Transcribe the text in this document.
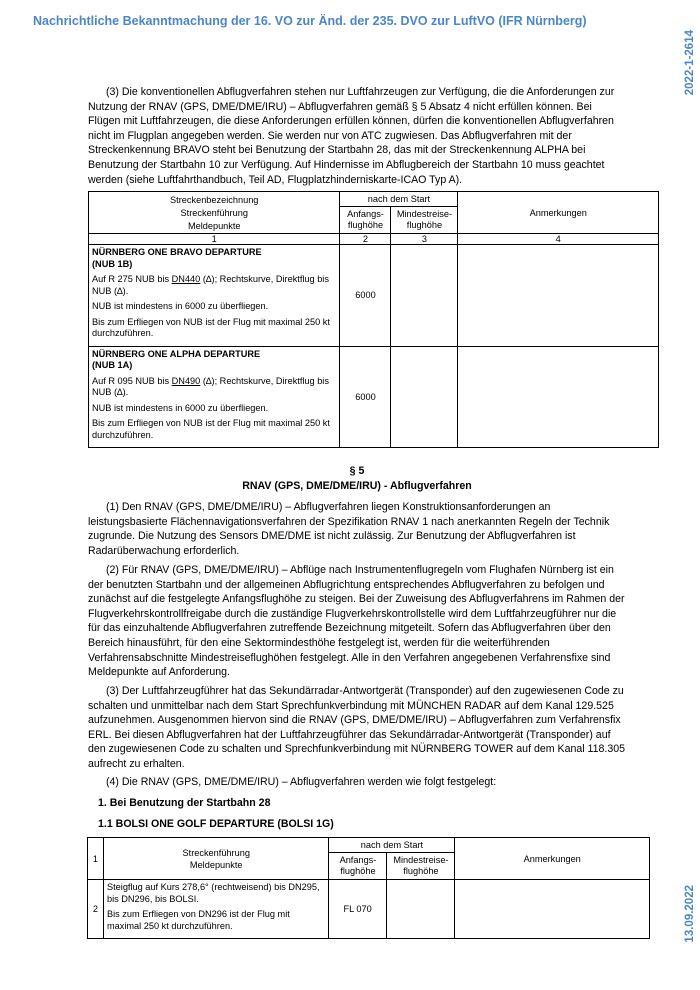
Nachrichtliche Bekanntmachung der 16. VO zur Änd. der 235. DVO zur LuftVO (IFR Nürnberg)
2022-1-2614
13.09.2022
(3) Die konventionellen Abflugverfahren stehen nur Luftfahrzeugen zur Verfügung, die die Anforderungen zur Nutzung der RNAV (GPS, DME/DME/IRU) – Abflugverfahren gemäß § 5 Absatz 4 nicht erfüllen können. Bei Flügen mit Luftfahrzeugen, die diese Anforderungen erfüllen können, dürfen die konventionellen Abflugverfahren nicht im Flugplan angegeben werden. Sie werden nur von ATC zugwiesen. Das Abflugverfahren mit der Streckenkennung BRAVO steht bei Benutzung der Startbahn 28, das mit der Streckenkennung ALPHA bei Benutzung der Startbahn 10 zur Verfügung. Auf Hindernisse im Abflugbereich der Startbahn 10 muss geachtet werden (siehe Luftfahrthandbuch, Teil AD, Flugplatzhinderniskarte-ICAO Typ A).
Streckenbezeichnung
Streckenführung
Meldepunkte	nach dem Start		Anmerkungen
	Anfangs-flughöhe	Mindestreise-flughöhe	
1	2	3	4

NÜRNBERG ONE BRAVO DEPARTURE
(NUB 1B)

Auf R 275 NUB bis DN440 (∆); Rechtskurve, Direktflug bis NUB (∆).

NUB ist mindestens in 6000 zu überfliegen.

Bis zum Erfliegen von NUB ist der Flug mit maximal 250 kt durchzuführen.	6000		

NÜRNBERG ONE ALPHA DEPARTURE
(NUB 1A)

Auf R 095 NUB bis DN490 (∆); Rechtskurve, Direktflug bis NUB (∆).

NUB ist mindestens in 6000 zu überfliegen.

Bis zum Erfliegen von NUB ist der Flug mit maximal 250 kt durchzuführen.	6000		
§ 5
RNAV (GPS, DME/DME/IRU) - Abflugverfahren
(1) Den RNAV (GPS, DME/DME/IRU) – Abflugverfahren liegen Konstruktionsanforderungen an leistungsbasierte Flächennavigationsverfahren der Spezifikation RNAV 1 nach anerkannten Regeln der Technik zugrunde. Die Nutzung des Sensors DME/DME ist nicht zulässig. Zur Benutzung der Abflugverfahren ist Radarüberwachung erforderlich.
(2) Für RNAV (GPS, DME/DME/IRU) – Abflüge nach Instrumentenflugregeln vom Flughafen Nürnberg ist ein der benutzten Startbahn und der allgemeinen Abflugrichtung entsprechendes Abflugverfahren zu befolgen und zunächst auf die festgelegte Anfangsflughöhe zu steigen. Bei der Zuweisung des Abflugverfahrens im Rahmen der Flugverkehrskontrollfreigabe durch die zuständige Flugverkehrskontrollstelle wird dem Luftfahrzeugführer nur die für das einzuhaltende Abflugverfahren zutreffende Bezeichnung mitgeteilt. Sofern das Abflugverfahren über den Bereich hinausführt, für den eine Sektormindesthöhe festgelegt ist, werden für die weiterführenden Verfahrensabschnitte Mindestreiseflughöhen festgelegt. Alle in den Verfahren angegebenen Verfahrensfixe sind Meldepunkte auf Anforderung.
(3) Der Luftfahrzeugführer hat das Sekundärradar-Antwortgerät (Transponder) auf den zugewiesenen Code zu schalten und unmittelbar nach dem Start Sprechfunkverbindung mit MÜNCHEN RADAR auf dem Kanal 129.525 aufzunehmen. Ausgenommen hiervon sind die RNAV (GPS, DME/DME/IRU) – Abflugverfahren zum Verfahrensfix ERL. Bei diesen Abflugverfahren hat der Luftfahrzeugführer das Sekundärradar-Antwortgerät (Transponder) auf den zugewiesenen Code zu schalten und Sprechfunkverbindung mit NÜRNBERG TOWER auf dem Kanal 118.305 aufrecht zu erhalten.
(4) Die RNAV (GPS, DME/DME/IRU) – Abflugverfahren werden wie folgt festgelegt:
1. Bei Benutzung der Startbahn 28
1.1 BOLSI ONE GOLF DEPARTURE (BOLSI 1G)
1	Streckenführung
Meldepunkte	nach dem Start		Anmerkungen
		Anfangs-flughöhe	Mindestreise-flughöhe	
2	Steigflug auf Kurs 278,6° (rechtweisend) bis DN295, bis DN296, bis BOLSI.

Bis zum Erfliegen von DN296 ist der Flug mit maximal 250 kt durchzuführen.	FL 070		
